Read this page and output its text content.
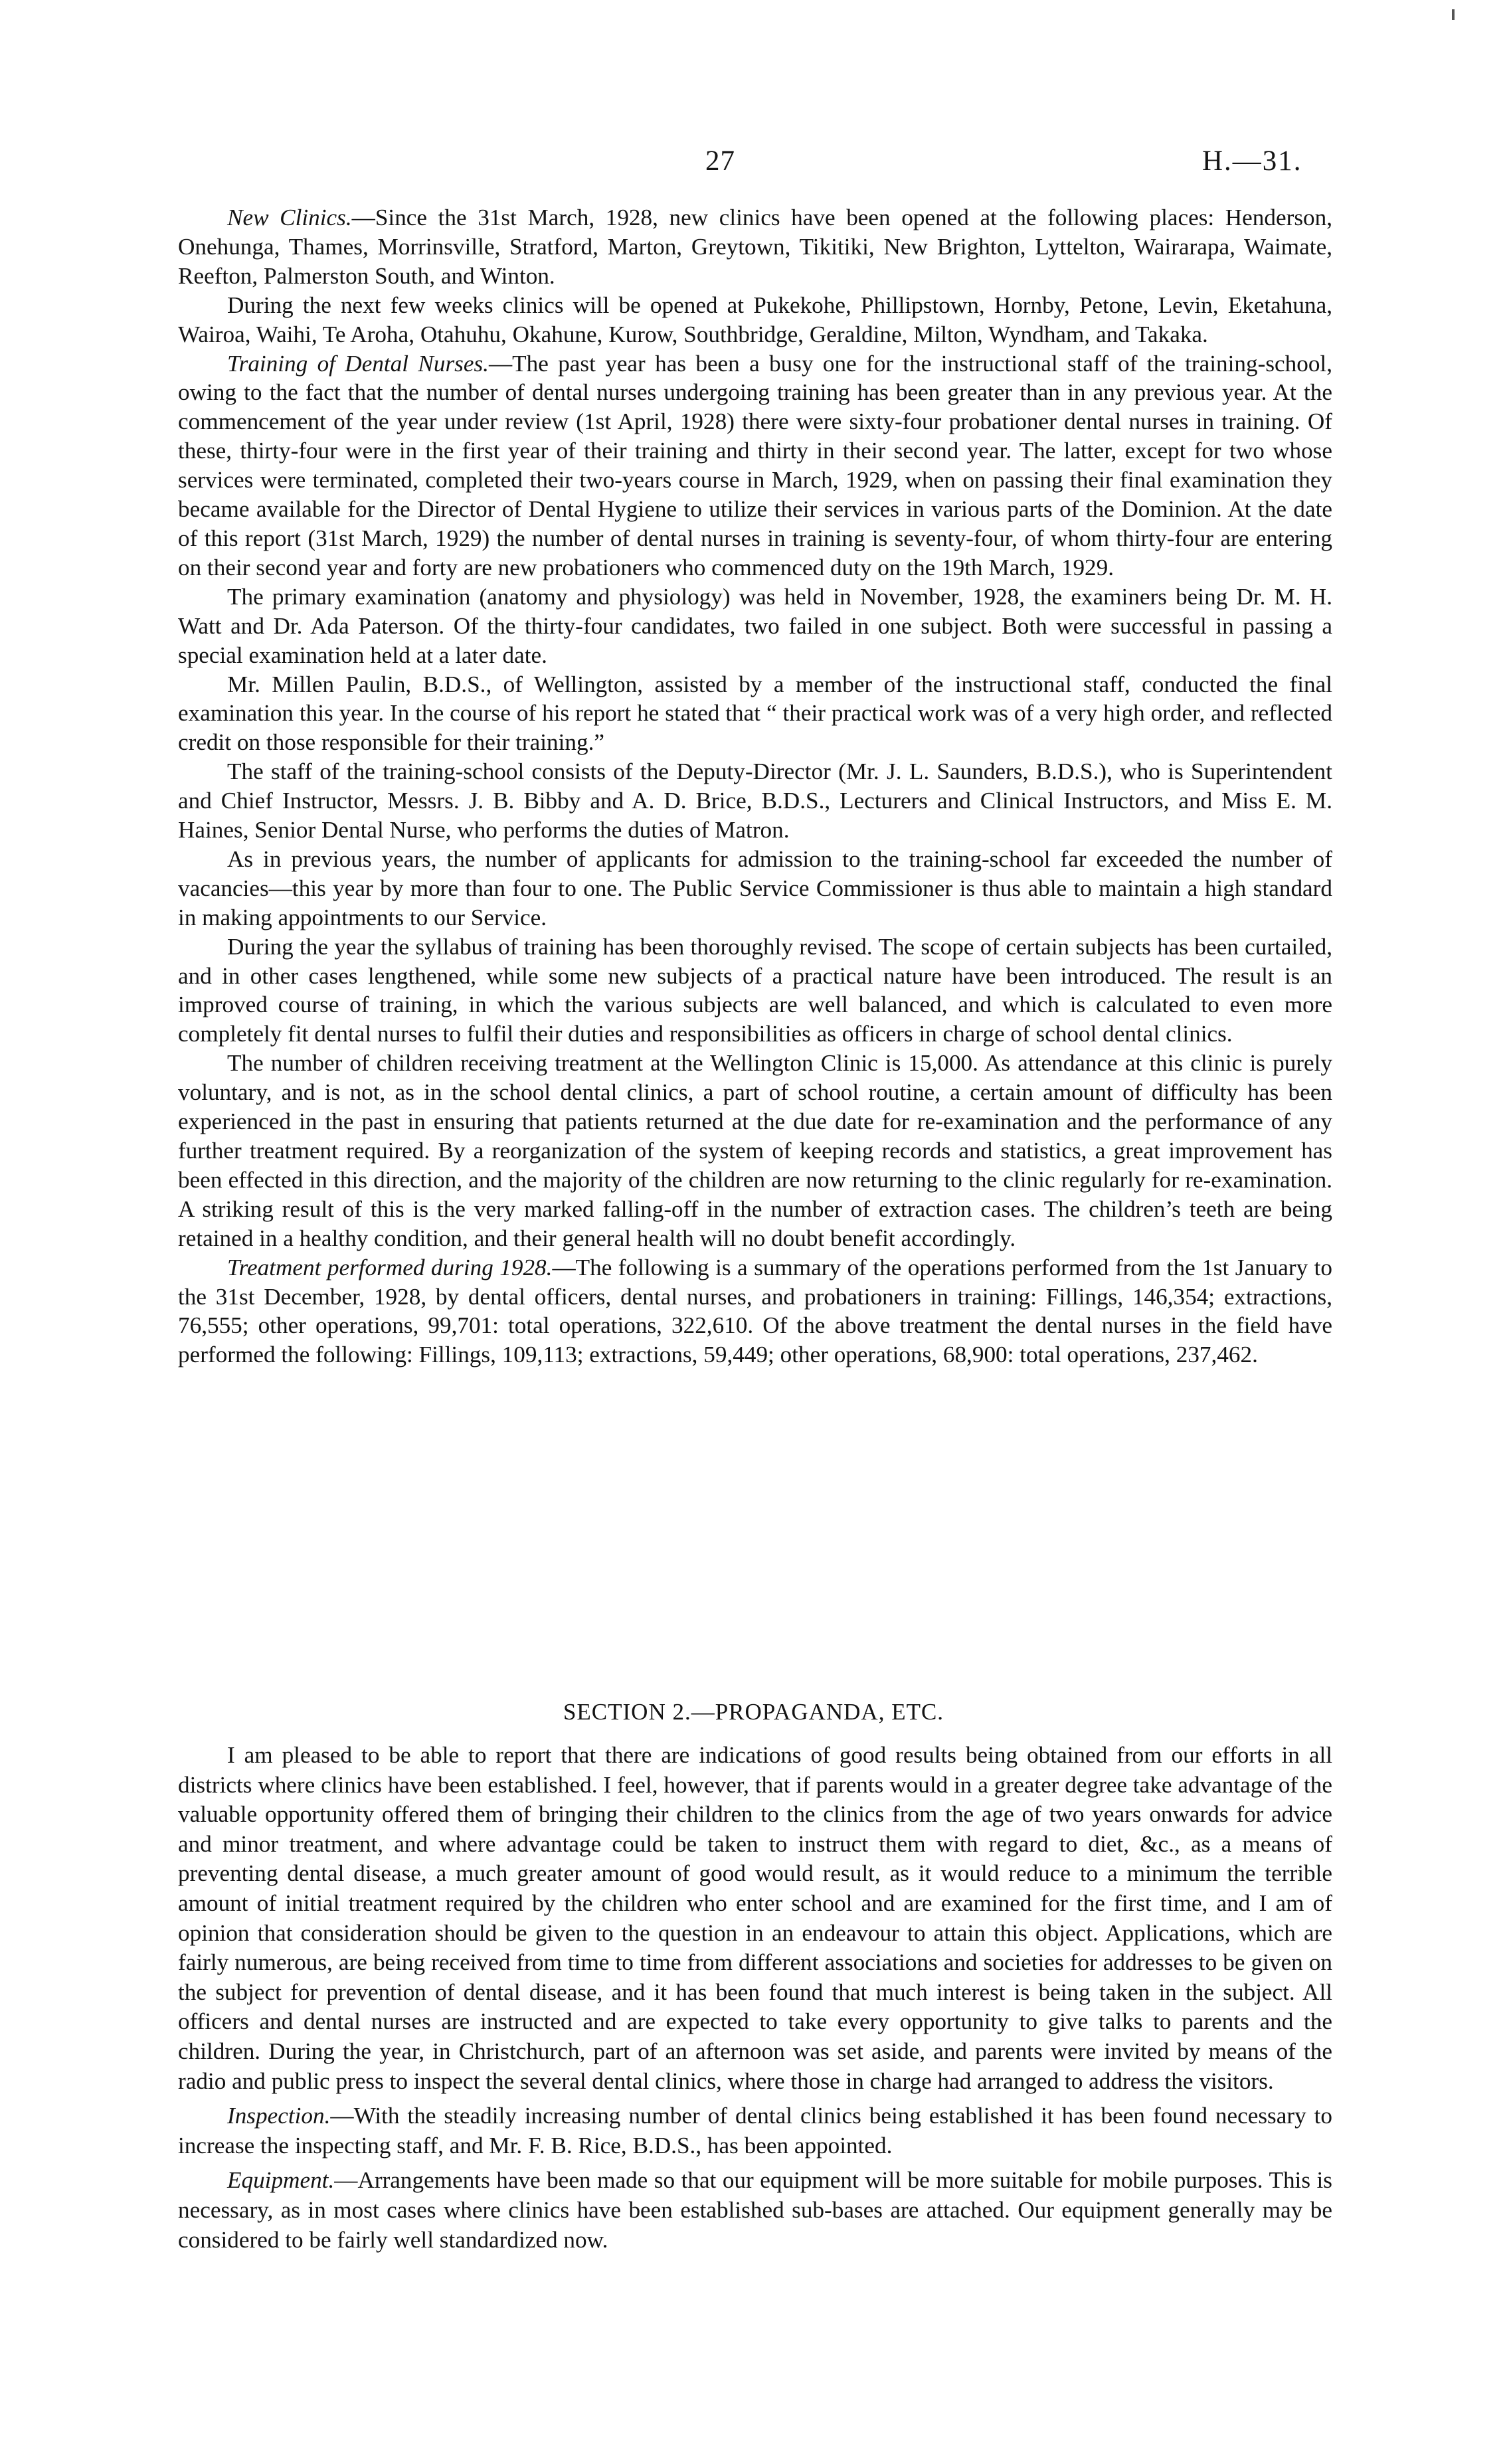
27	H.—31.

New Clinics.—Since the 31st March, 1928, new clinics have been opened at the following places: Henderson, Onehunga, Thames, Morrinsville, Stratford, Marton, Greytown, Tikitiki, New Brighton, Lyttelton, Wairarapa, Waimate, Reefton, Palmerston South, and Winton.

During the next few weeks clinics will be opened at Pukekohe, Phillipstown, Hornby, Petone, Levin, Eketahuna, Wairoa, Waihi, Te Aroha, Otahuhu, Okahune, Kurow, Southbridge, Geraldine, Milton, Wyndham, and Takaka.

Training of Dental Nurses.—The past year has been a busy one for the instructional staff of the training-school, owing to the fact that the number of dental nurses undergoing training has been greater than in any previous year. At the commencement of the year under review (1st April, 1928) there were sixty-four probationer dental nurses in training. Of these, thirty-four were in the first year of their training and thirty in their second year. The latter, except for two whose services were terminated, completed their two-years course in March, 1929, when on passing their final examination they became available for the Director of Dental Hygiene to utilize their services in various parts of the Dominion. At the date of this report (31st March, 1929) the number of dental nurses in training is seventy-four, of whom thirty-four are entering on their second year and forty are new probationers who commenced duty on the 19th March, 1929.

The primary examination (anatomy and physiology) was held in November, 1928, the examiners being Dr. M. H. Watt and Dr. Ada Paterson. Of the thirty-four candidates, two failed in one subject. Both were successful in passing a special examination held at a later date.

Mr. Millen Paulin, B.D.S., of Wellington, assisted by a member of the instructional staff, conducted the final examination this year. In the course of his report he stated that “ their practical work was of a very high order, and reflected credit on those responsible for their training.”

The staff of the training-school consists of the Deputy-Director (Mr. J. L. Saunders, B.D.S.), who is Superintendent and Chief Instructor, Messrs. J. B. Bibby and A. D. Brice, B.D.S., Lecturers and Clinical Instructors, and Miss E. M. Haines, Senior Dental Nurse, who performs the duties of Matron.

As in previous years, the number of applicants for admission to the training-school far exceeded the number of vacancies—this year by more than four to one. The Public Service Commissioner is thus able to maintain a high standard in making appointments to our Service.

During the year the syllabus of training has been thoroughly revised. The scope of certain subjects has been curtailed, and in other cases lengthened, while some new subjects of a practical nature have been introduced. The result is an improved course of training, in which the various subjects are well balanced, and which is calculated to even more completely fit dental nurses to fulfil their duties and responsibilities as officers in charge of school dental clinics.

The number of children receiving treatment at the Wellington Clinic is 15,000. As attendance at this clinic is purely voluntary, and is not, as in the school dental clinics, a part of school routine, a certain amount of difficulty has been experienced in the past in ensuring that patients returned at the due date for re-examination and the performance of any further treatment required. By a reorganization of the system of keeping records and statistics, a great improvement has been effected in this direction, and the majority of the children are now returning to the clinic regularly for re-examination. A striking result of this is the very marked falling-off in the number of extraction cases. The children’s teeth are being retained in a healthy condition, and their general health will no doubt benefit accordingly.

Treatment performed during 1928.—The following is a summary of the operations performed from the 1st January to the 31st December, 1928, by dental officers, dental nurses, and probationers in training: Fillings, 146,354; extractions, 76,555; other operations, 99,701: total operations, 322,610. Of the above treatment the dental nurses in the field have performed the following: Fillings, 109,113; extractions, 59,449; other operations, 68,900: total operations, 237,462.

SECTION 2.—PROPAGANDA, ETC.

I am pleased to be able to report that there are indications of good results being obtained from our efforts in all districts where clinics have been established. I feel, however, that if parents would in a greater degree take advantage of the valuable opportunity offered them of bringing their children to the clinics from the age of two years onwards for advice and minor treatment, and where advantage could be taken to instruct them with regard to diet, &c., as a means of preventing dental disease, a much greater amount of good would result, as it would reduce to a minimum the terrible amount of initial treatment required by the children who enter school and are examined for the first time, and I am of opinion that consideration should be given to the question in an endeavour to attain this object. Applications, which are fairly numerous, are being received from time to time from different associations and societies for addresses to be given on the subject for prevention of dental disease, and it has been found that much interest is being taken in the subject. All officers and dental nurses are instructed and are expected to take every opportunity to give talks to parents and the children. During the year, in Christchurch, part of an afternoon was set aside, and parents were invited by means of the radio and public press to inspect the several dental clinics, where those in charge had arranged to address the visitors.

Inspection.—With the steadily increasing number of dental clinics being established it has been found necessary to increase the inspecting staff, and Mr. F. B. Rice, B.D.S., has been appointed.

Equipment.—Arrangements have been made so that our equipment will be more suitable for mobile purposes. This is necessary, as in most cases where clinics have been established sub-bases are attached. Our equipment generally may be considered to be fairly well standardized now.
